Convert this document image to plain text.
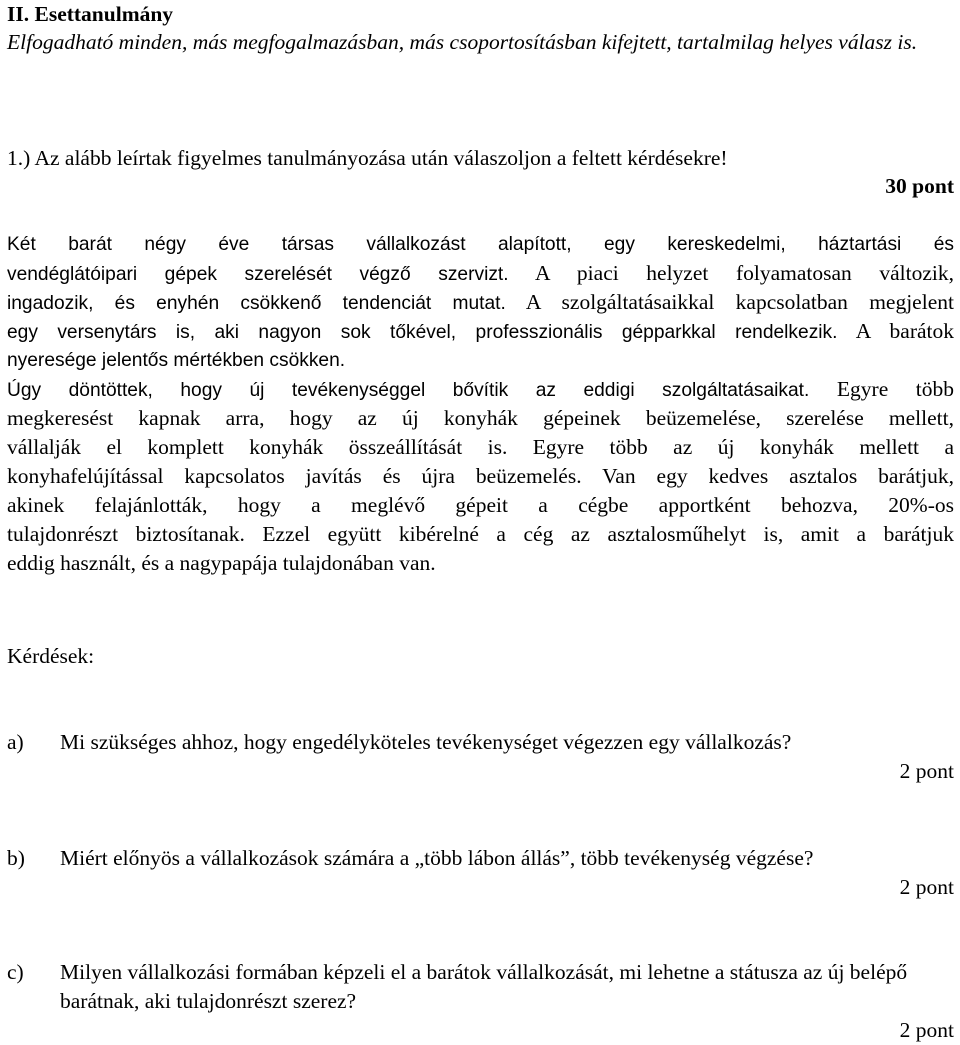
II. Esettanulmány
Elfogadható minden, más megfogalmazásban, más csoportosításban kifejtett, tartalmilag helyes válasz is.
1.) Az alább leírtak figyelmes tanulmányozása után válaszoljon a feltett kérdésekre!
30 pont
Két barát négy éve társas vállalkozást alapított, egy kereskedelmi, háztartási és
vendéglátóipari gépek szerelését végző szervizt. A piaci helyzet folyamatosan változik,
ingadozik, és enyhén csökkenő tendenciát mutat. A szolgáltatásaikkal kapcsolatban megjelent
egy versenytárs is, aki nagyon sok tőkével, professzionális gépparkkal rendelkezik. A barátok
nyeresége jelentős mértékben csökken.
Úgy döntöttek, hogy új tevékenységgel bővítik az eddigi szolgáltatásaikat. Egyre több
megkeresést kapnak arra, hogy az új konyhák gépeinek beüzemelése, szerelése mellett,
vállalják el komplett konyhák összeállítását is. Egyre több az új konyhák mellett a
konyhafelújítással kapcsolatos javítás és újra beüzemelés. Van egy kedves asztalos barátjuk,
akinek felajánlották, hogy a meglévő gépeit a cégbe apportként behozva, 20%-os
tulajdonrészt biztosítanak. Ezzel együtt kibérelné a cég az asztalosműhelyt is, amit a barátjuk
eddig használt, és a nagypapája tulajdonában van.
Kérdések:
a) Mi szükséges ahhoz, hogy engedélyköteles tevékenységet végezzen egy vállalkozás?
2 pont
b) Miért előnyös a vállalkozások számára a „több lábon állás”, több tevékenység végzése?
2 pont
c) Milyen vállalkozási formában képzeli el a barátok vállalkozását, mi lehetne a státusza az új belépő barátnak, aki tulajdonrészt szerez?
2 pont
